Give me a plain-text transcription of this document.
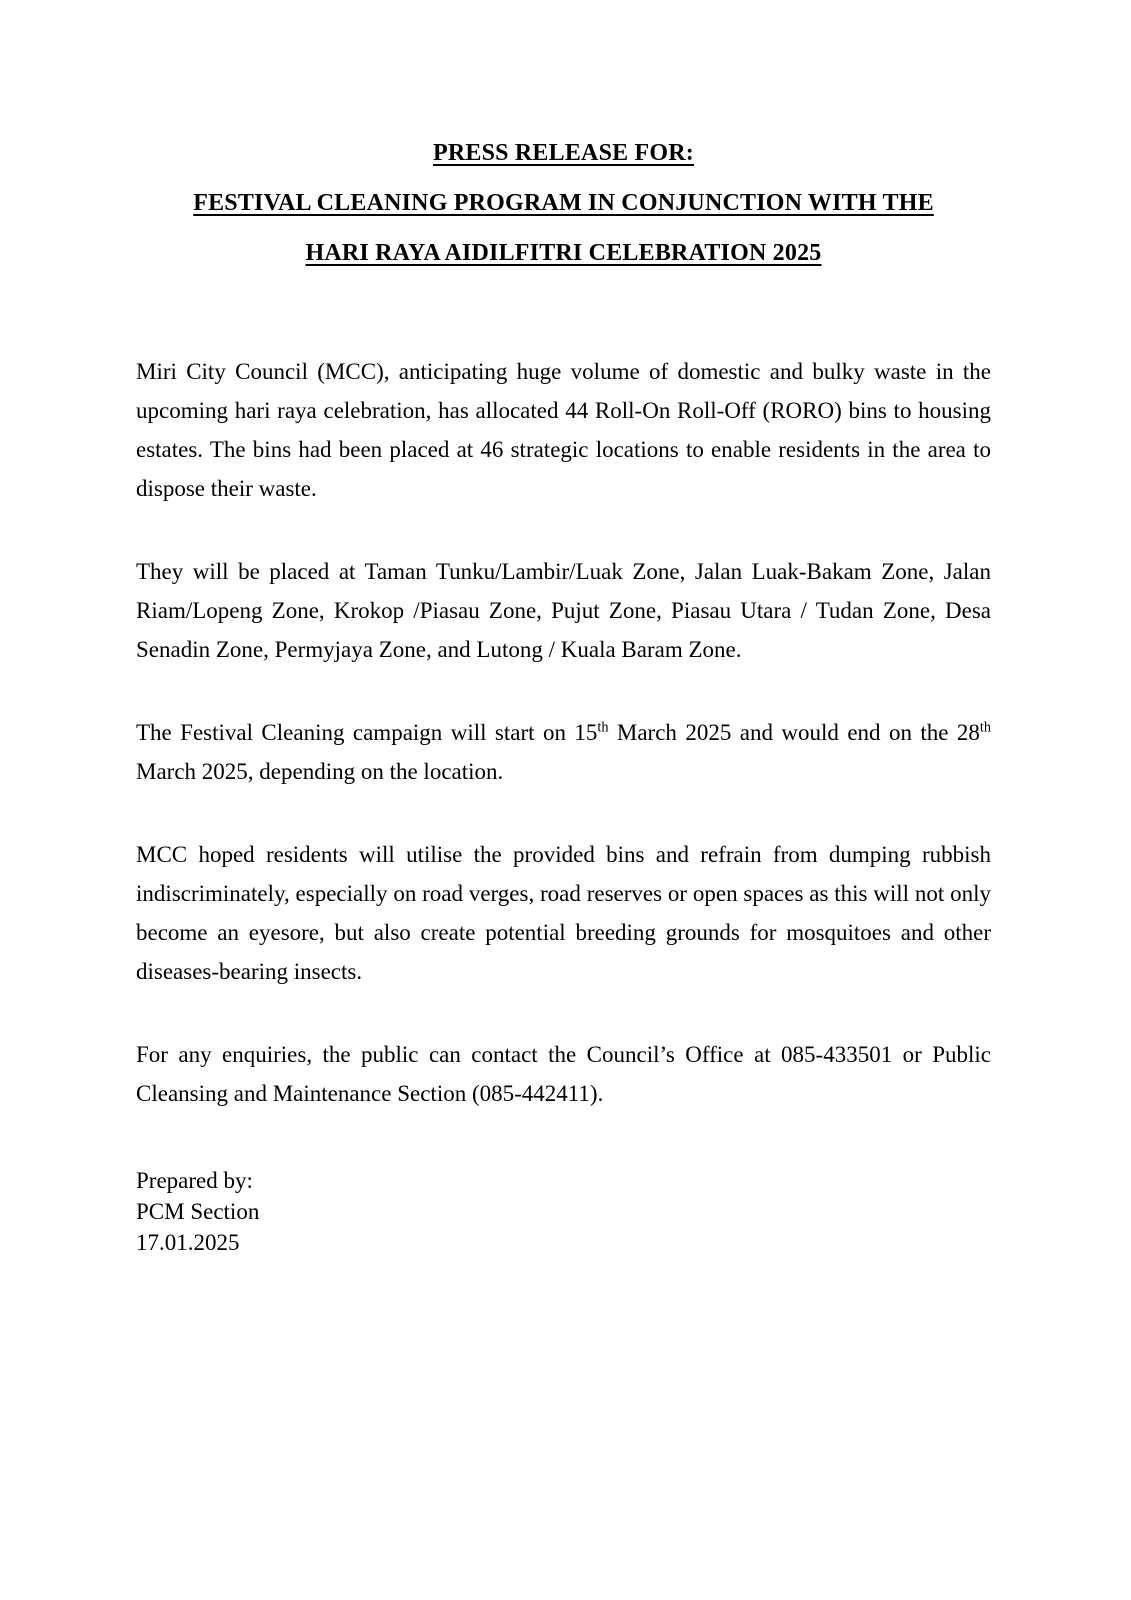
PRESS RELEASE FOR:
FESTIVAL CLEANING PROGRAM IN CONJUNCTION WITH THE
HARI RAYA AIDILFITRI CELEBRATION 2025

Miri City Council (MCC), anticipating huge volume of domestic and bulky waste in the upcoming hari raya celebration, has allocated 44 Roll-On Roll-Off (RORO) bins to housing estates. The bins had been placed at 46 strategic locations to enable residents in the area to dispose their waste.

They will be placed at Taman Tunku/Lambir/Luak Zone, Jalan Luak-Bakam Zone, Jalan Riam/Lopeng Zone, Krokop /Piasau Zone, Pujut Zone, Piasau Utara / Tudan Zone, Desa Senadin Zone, Permyjaya Zone, and Lutong / Kuala Baram Zone.

The Festival Cleaning campaign will start on 15th March 2025 and would end on the 28th March 2025, depending on the location.

MCC hoped residents will utilise the provided bins and refrain from dumping rubbish indiscriminately, especially on road verges, road reserves or open spaces as this will not only become an eyesore, but also create potential breeding grounds for mosquitoes and other diseases-bearing insects.

For any enquiries, the public can contact the Council’s Office at 085-433501 or Public Cleansing and Maintenance Section (085-442411).

Prepared by:
PCM Section
17.01.2025
